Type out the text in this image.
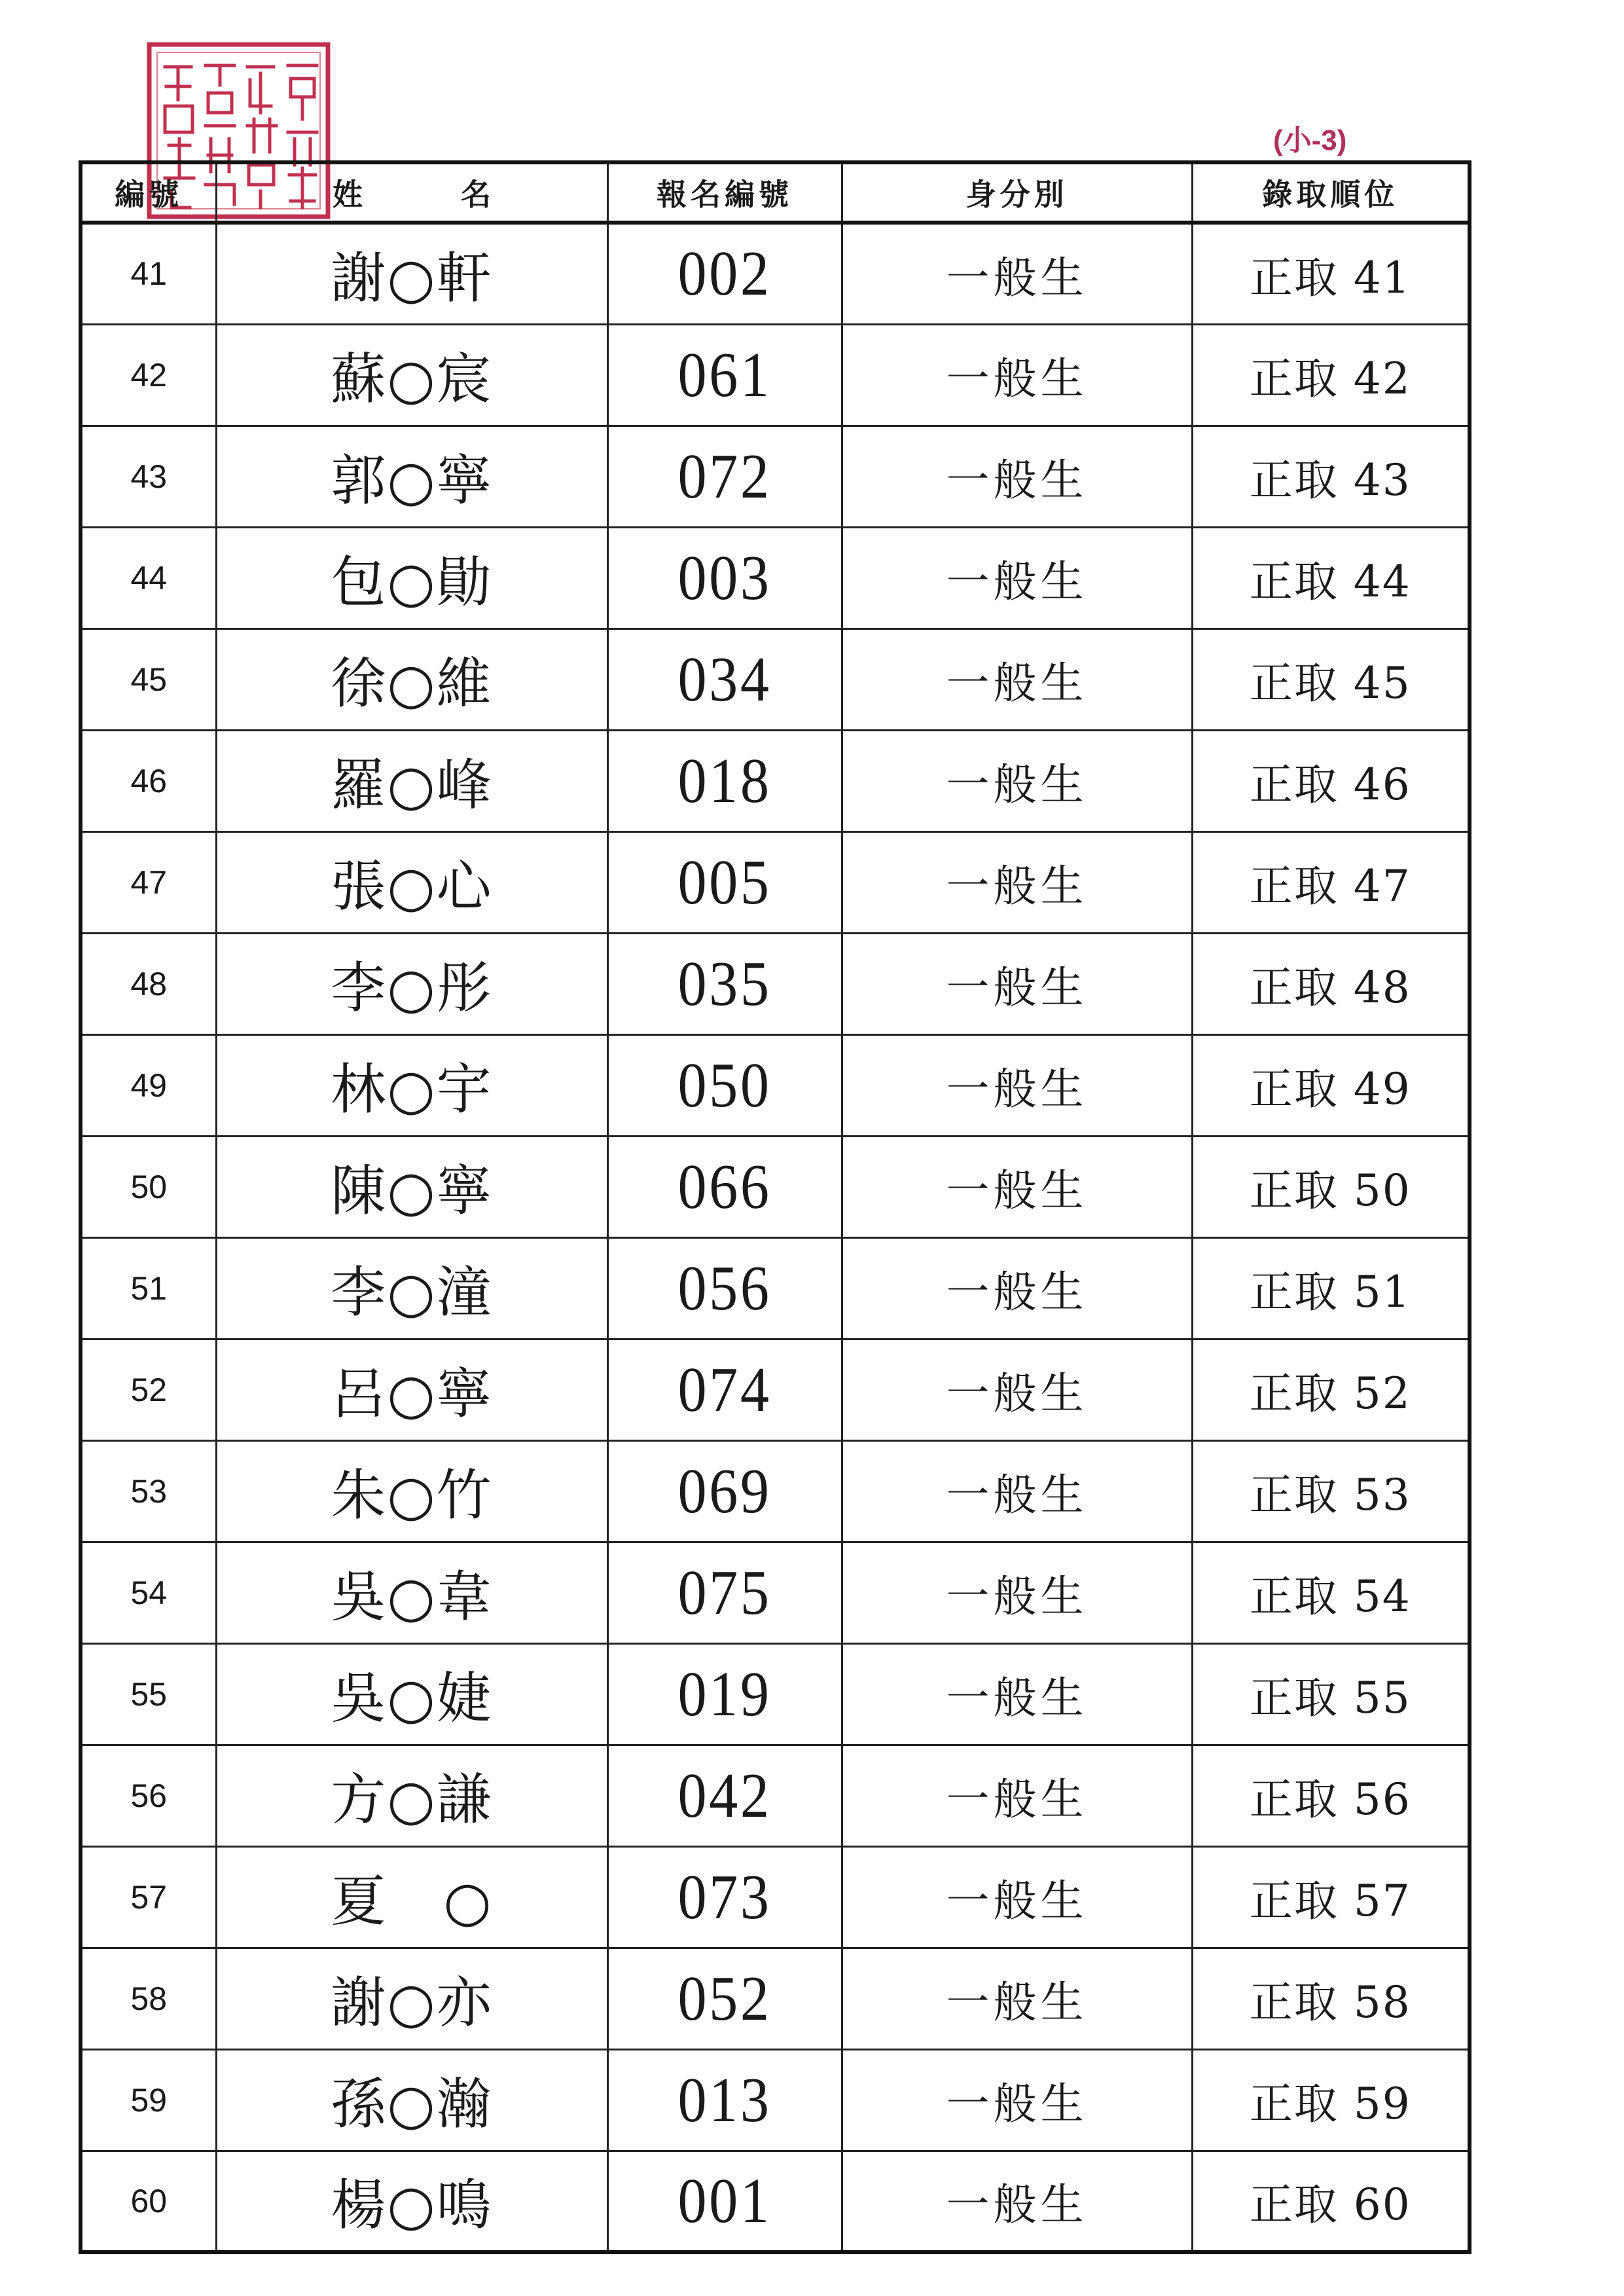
(小-3)
編號	姓 名	報名編號	身分別	錄取順位
41	謝○軒	002	一般生	正取 41
42	蘇○宸	061	一般生	正取 42
43	郭○寧	072	一般生	正取 43
44	包○勛	003	一般生	正取 44
45	徐○維	034	一般生	正取 45
46	羅○峰	018	一般生	正取 46
47	張○心	005	一般生	正取 47
48	李○彤	035	一般生	正取 48
49	林○宇	050	一般生	正取 49
50	陳○寧	066	一般生	正取 50
51	李○潼	056	一般生	正取 51
52	呂○寧	074	一般生	正取 52
53	朱○竹	069	一般生	正取 53
54	吳○韋	075	一般生	正取 54
55	吳○婕	019	一般生	正取 55
56	方○謙	042	一般生	正取 56
57	夏　○	073	一般生	正取 57
58	謝○亦	052	一般生	正取 58
59	孫○瀚	013	一般生	正取 59
60	楊○鳴	001	一般生	正取 60
